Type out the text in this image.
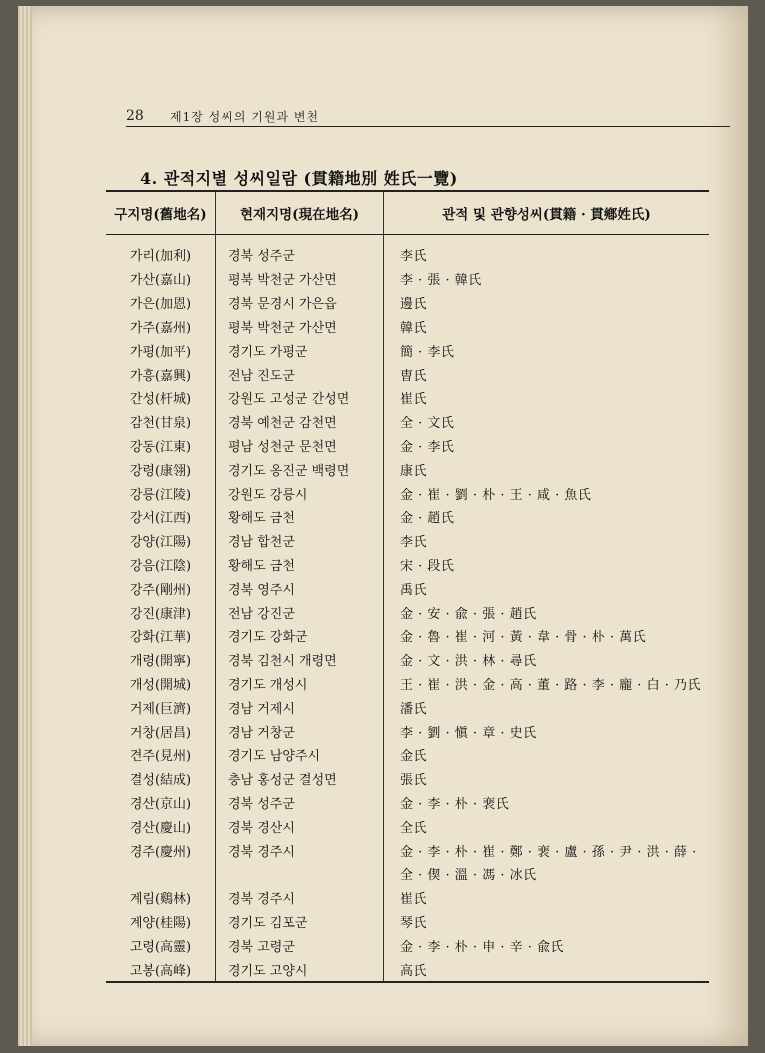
28 제1장 성씨의 기원과 변천
4. 관적지별 성씨일람 (貫籍地別 姓氏一覽)
구지명(舊地名)	현재지명(現在地名)	관적 및 관향성씨(貫籍 · 貫鄕姓氏)
가리(加利)	경북 성주군	李氏
가산(嘉山)	평북 박천군 가산면	李 · 張 · 韓氏
가은(加恩)	경북 문경시 가은읍	邊氏
가주(嘉州)	평북 박천군 가산면	韓氏
가평(加平)	경기도 가평군	簡 · 李氏
가흥(嘉興)	전남 진도군	曺氏
간성(杆城)	강원도 고성군 간성면	崔氏
감천(甘泉)	경북 예천군 감천면	全 · 文氏
강동(江東)	평남 성천군 문천면	金 · 李氏
강령(康翎)	경기도 옹진군 백령면	康氏
강릉(江陵)	강원도 강릉시	金 · 崔 · 劉 · 朴 · 王 · 咸 · 魚氏
강서(江西)	황해도 금천	金 · 趙氏
강양(江陽)	경남 합천군	李氏
강음(江陰)	황해도 금천	宋 · 段氏
강주(剛州)	경북 영주시	禹氏
강진(康津)	전남 강진군	金 · 安 · 兪 · 張 · 趙氏
강화(江華)	경기도 강화군	金 · 魯 · 崔 · 河 · 黃 · 韋 · 骨 · 朴 · 萬氏
개령(開寧)	경북 김천시 개령면	金 · 文 · 洪 · 林 · 尋氏
개성(開城)	경기도 개성시	王 · 崔 · 洪 · 金 · 高 · 董 · 路 · 李 · 龐 · 白 · 乃氏
거제(巨濟)	경남 거제시	潘氏
거창(居昌)	경남 거창군	李 · 劉 · 愼 · 章 · 史氏
견주(見州)	경기도 남양주시	金氏
결성(結成)	충남 홍성군 결성면	張氏
경산(京山)	경북 성주군	金 · 李 · 朴 · 裵氏
경산(慶山)	경북 경산시	全氏
경주(慶州)	경북 경주시	金 · 李 · 朴 · 崔 · 鄭 · 裵 · 盧 · 孫 · 尹 · 洪 · 薛 ·
		全 · 偰 · 溫 · 馮 · 冰氏
계림(鷄林)	경북 경주시	崔氏
계양(桂陽)	경기도 김포군	琴氏
고령(高靈)	경북 고령군	金 · 李 · 朴 · 申 · 辛 · 兪氏
고봉(高峰)	경기도 고양시	高氏
